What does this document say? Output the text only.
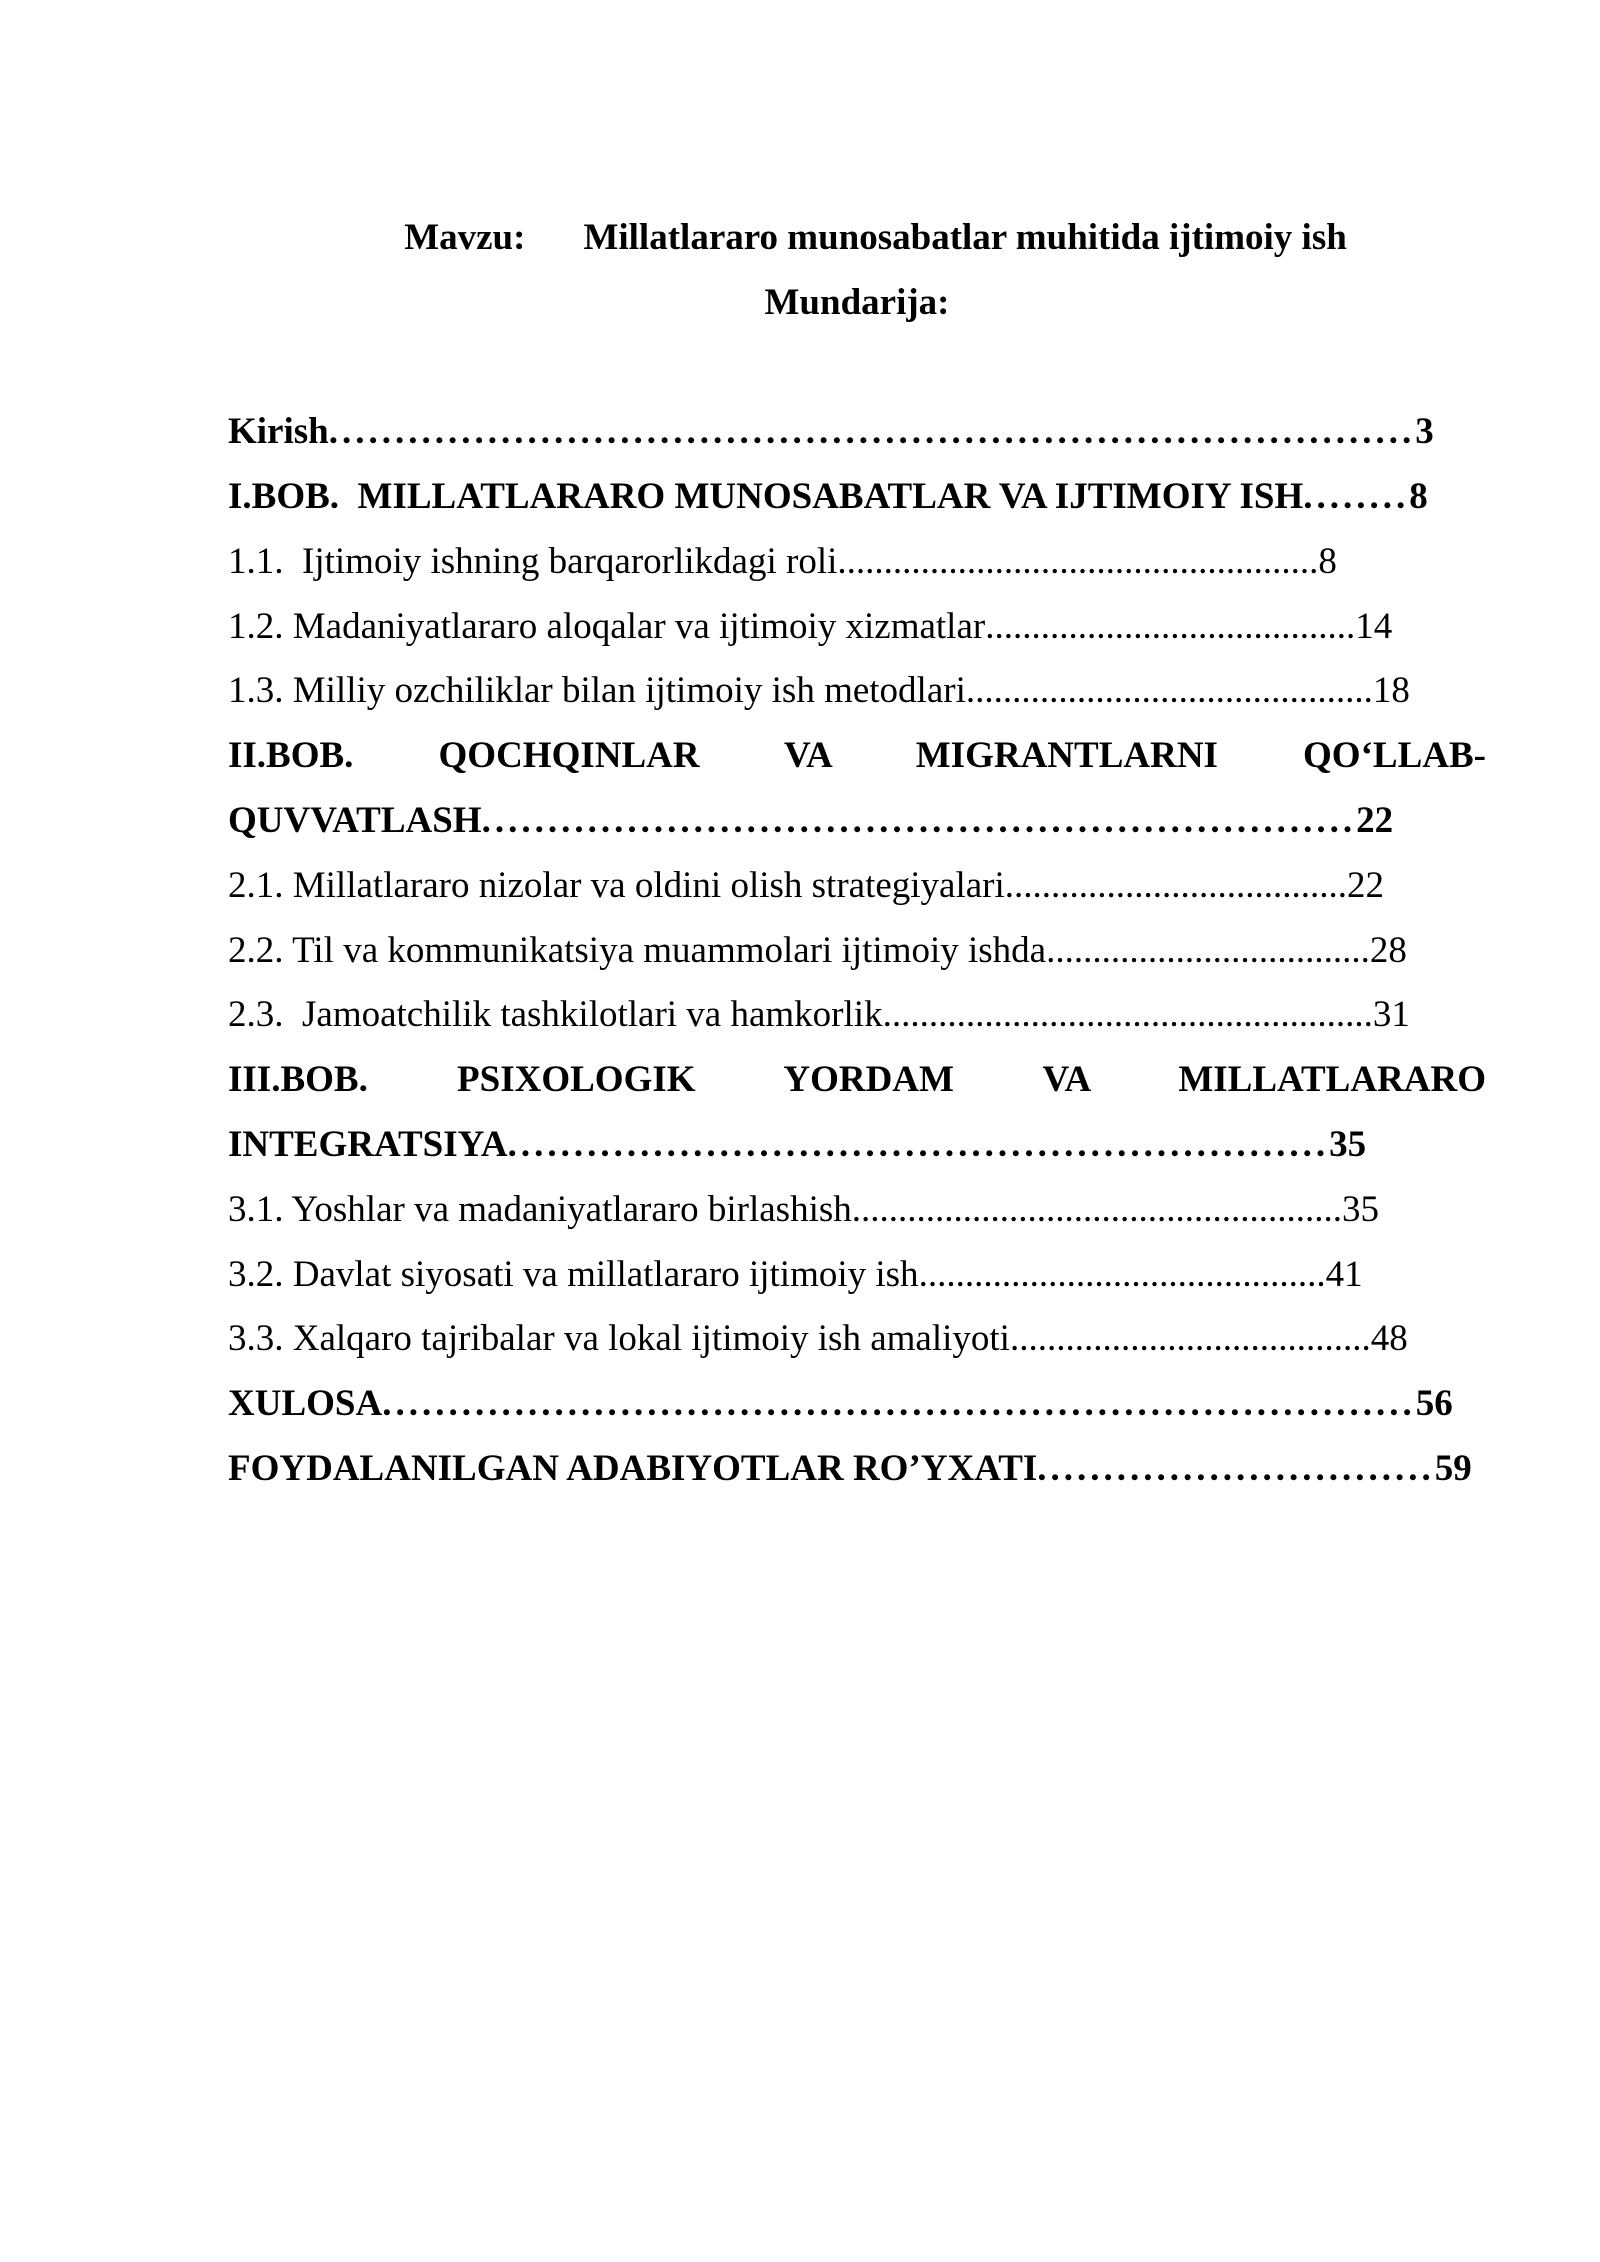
Mavzu: Millatlararo munosabatlar muhitida ijtimoiy ish

Mundarija:
Kirish .................................................................................. 3
I.BOB.  MILLATLARARO MUNOSABATLAR VA IJTIMOIY ISH ........ 8
1.1.  Ijtimoiy ishning barqarorlikdagi roli .................................................... 8
1.2. Madaniyatlararo aloqalar va ijtimoiy xizmatlar ........................................ 14
1.3. Milliy ozchiliklar bilan ijtimoiy ish metodlari ............................................ 18
II.BOB. QOCHQINLAR VA MIGRANTLARNI QO‘LLAB-
QUVVATLASH .................................................................. 22
2.1. Millatlararo nizolar va oldini olish strategiyalari ..................................... 22
2.2. Til va kommunikatsiya muammolari ijtimoiy ishda ................................... 28
2.3.  Jamoatchilik tashkilotlari va hamkorlik ..................................................... 31
III.BOB. PSIXOLOGIK YORDAM VA MILLATLARARO
INTEGRATSIYA .............................................................. 35
3.1. Yoshlar va madaniyatlararo birlashish ..................................................... 35
3.2. Davlat siyosati va millatlararo ijtimoiy ish ............................................ 41
3.3. Xalqaro tajribalar va lokal ijtimoiy ish amaliyoti ....................................... 48
XULOSA .............................................................................. 56
FOYDALANILGAN ADABIYOTLAR RO’YXATI .............................. 59
